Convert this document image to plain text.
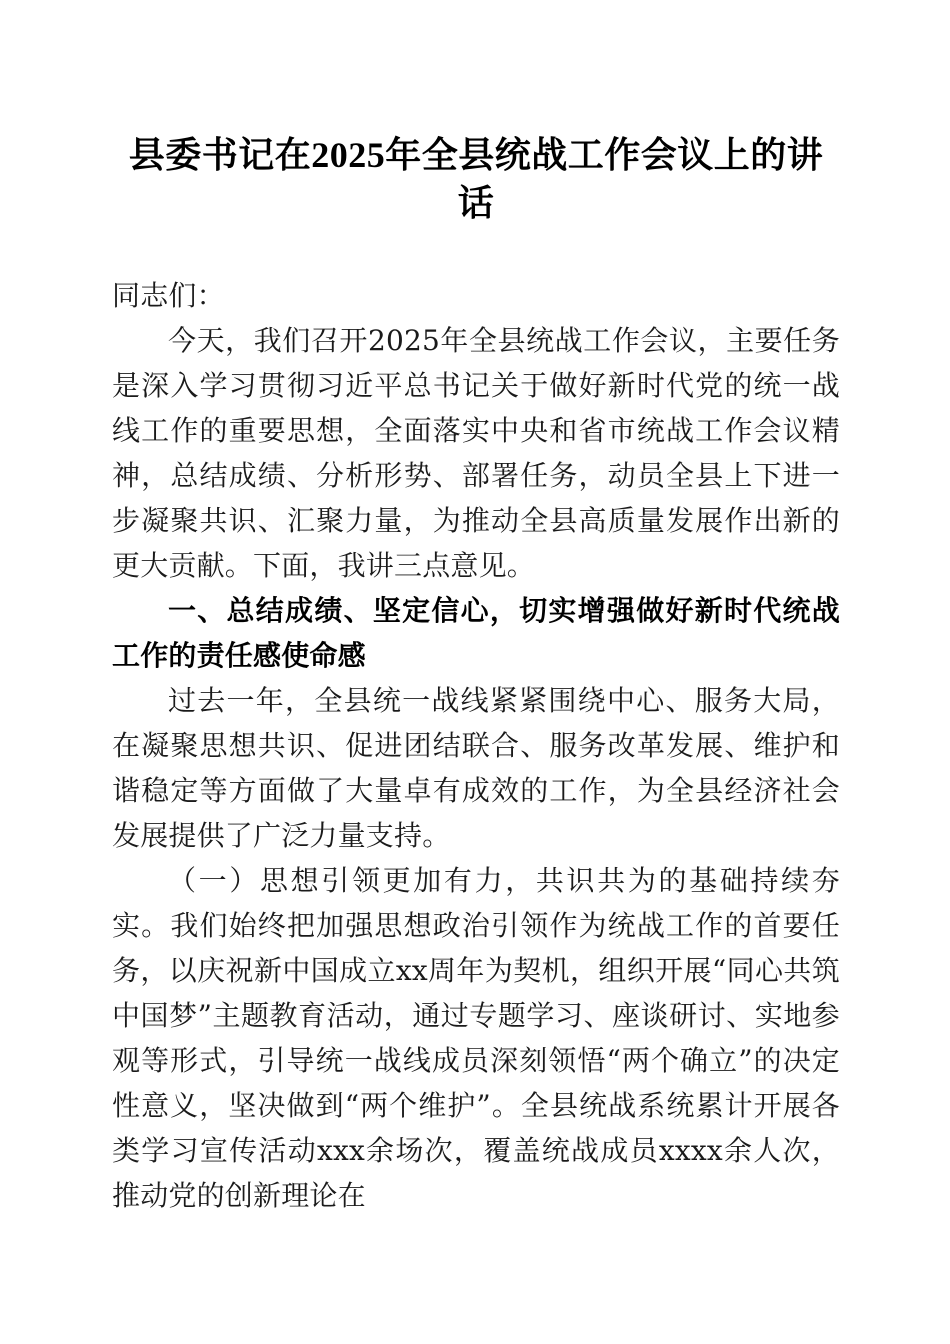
县委书记在2025年全县统战工作会议上的讲
话

同志们：

今天，我们召开2025年全县统战工作会议，主要任务是深入学习贯彻习近平总书记关于做好新时代党的统一战线工作的重要思想，全面落实中央和省市统战工作会议精神，总结成绩、分析形势、部署任务，动员全县上下进一步凝聚共识、汇聚力量，为推动全县高质量发展作出新的更大贡献。下面，我讲三点意见。

一、总结成绩、坚定信心，切实增强做好新时代统战工作的责任感使命感

过去一年，全县统一战线紧紧围绕中心、服务大局，在凝聚思想共识、促进团结联合、服务改革发展、维护和谐稳定等方面做了大量卓有成效的工作，为全县经济社会发展提供了广泛力量支持。

（一）思想引领更加有力，共识共为的基础持续夯实。我们始终把加强思想政治引领作为统战工作的首要任务，以庆祝新中国成立xx周年为契机，组织开展“同心共筑中国梦”主题教育活动，通过专题学习、座谈研讨、实地参观等形式，引导统一战线成员深刻领悟“两个确立”的决定性意义，坚决做到“两个维护”。全县统战系统累计开展各类学习宣传活动xxx余场次，覆盖统战成员xxxx余人次，推动党的创新理论在
